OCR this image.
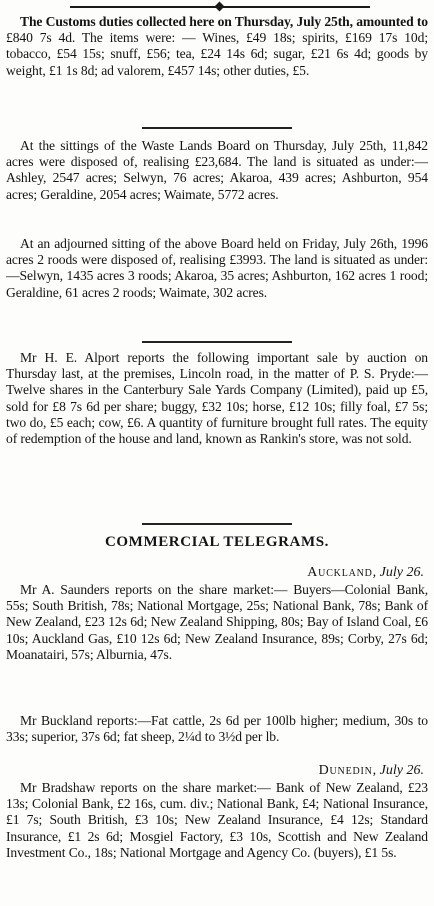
The Customs duties collected here on Thursday, July 25th, amounted to £840 7s 4d. The items were: — Wines, £49 18s; spirits, £169 17s 10d; tobacco, £54 15s; snuff, £56; tea, £24 14s 6d; sugar, £21 6s 4d; goods by weight, £1 1s 8d; ad valorem, £457 14s; other duties, £5.

At the sittings of the Waste Lands Board on Thursday, July 25th, 11,842 acres were disposed of, realising £23,684. The land is situated as under:— Ashley, 2547 acres; Selwyn, 76 acres; Akaroa, 439 acres; Ashburton, 954 acres; Geraldine, 2054 acres; Waimate, 5772 acres.

At an adjourned sitting of the above Board held on Friday, July 26th, 1996 acres 2 roods were disposed of, realising £3993. The land is situated as under:—Selwyn, 1435 acres 3 roods; Akaroa, 35 acres; Ashburton, 162 acres 1 rood; Geraldine, 61 acres 2 roods; Waimate, 302 acres.

Mr H. E. Alport reports the following important sale by auction on Thursday last, at the premises, Lincoln road, in the matter of P. S. Pryde:— Twelve shares in the Canterbury Sale Yards Company (Limited), paid up £5, sold for £8 7s 6d per share; buggy, £32 10s; horse, £12 10s; filly foal, £7 5s; two do, £5 each; cow, £6. A quantity of furniture brought full rates. The equity of redemption of the house and land, known as Rankin's store, was not sold.

COMMERCIAL TELEGRAMS.

Auckland, July 26.

Mr A. Saunders reports on the share market:— Buyers—Colonial Bank, 55s; South British, 78s; National Mortgage, 25s; National Bank, 78s; Bank of New Zealand, £23 12s 6d; New Zealand Shipping, 80s; Bay of Island Coal, £6 10s; Auckland Gas, £10 12s 6d; New Zealand Insurance, 89s; Corby, 27s 6d; Moanatairi, 57s; Alburnia, 47s.

Mr Buckland reports:—Fat cattle, 2s 6d per 100lb higher; medium, 30s to 33s; superior, 37s 6d; fat sheep, 2¼d to 3½d per lb.

Dunedin, July 26.

Mr Bradshaw reports on the share market:— Bank of New Zealand, £23 13s; Colonial Bank, £2 16s, cum. div.; National Bank, £4; National Insurance, £1 7s; South British, £3 10s; New Zealand Insurance, £4 12s; Standard Insurance, £1 2s 6d; Mosgiel Factory, £3 10s, Scottish and New Zealand Investment Co., 18s; National Mortgage and Agency Co. (buyers), £1 5s.
